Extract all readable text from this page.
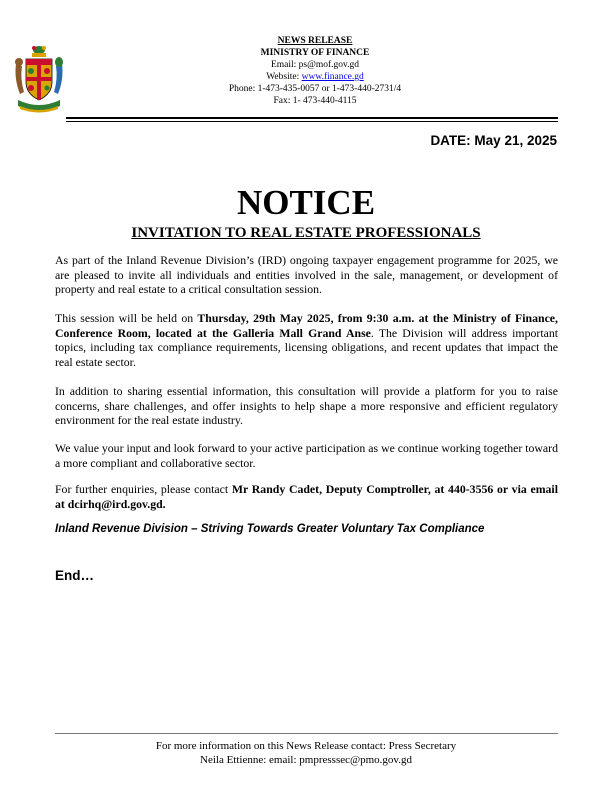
NEWS RELEASE
MINISTRY OF FINANCE
Email: ps@mof.gov.gd
Website: www.finance.gd
Phone: 1-473-435-0057 or 1-473-440-2731/4
Fax: 1- 473-440-4115
DATE: May 21, 2025
NOTICE
INVITATION TO REAL ESTATE PROFESSIONALS
As part of the Inland Revenue Division’s (IRD) ongoing taxpayer engagement programme for 2025, we are pleased to invite all individuals and entities involved in the sale, management, or development of property and real estate to a critical consultation session.
This session will be held on Thursday, 29th May 2025, from 9:30 a.m. at the Ministry of Finance, Conference Room, located at the Galleria Mall Grand Anse. The Division will address important topics, including tax compliance requirements, licensing obligations, and recent updates that impact the real estate sector.
In addition to sharing essential information, this consultation will provide a platform for you to raise concerns, share challenges, and offer insights to help shape a more responsive and efficient regulatory environment for the real estate industry.
We value your input and look forward to your active participation as we continue working together toward a more compliant and collaborative sector.
For further enquiries, please contact Mr Randy Cadet, Deputy Comptroller, at 440-3556 or via email at dcirhq@ird.gov.gd.
Inland Revenue Division – Striving Towards Greater Voluntary Tax Compliance
End…
For more information on this News Release contact: Press Secretary
Neila Ettienne: email: pmpresssec@pmo.gov.gd
